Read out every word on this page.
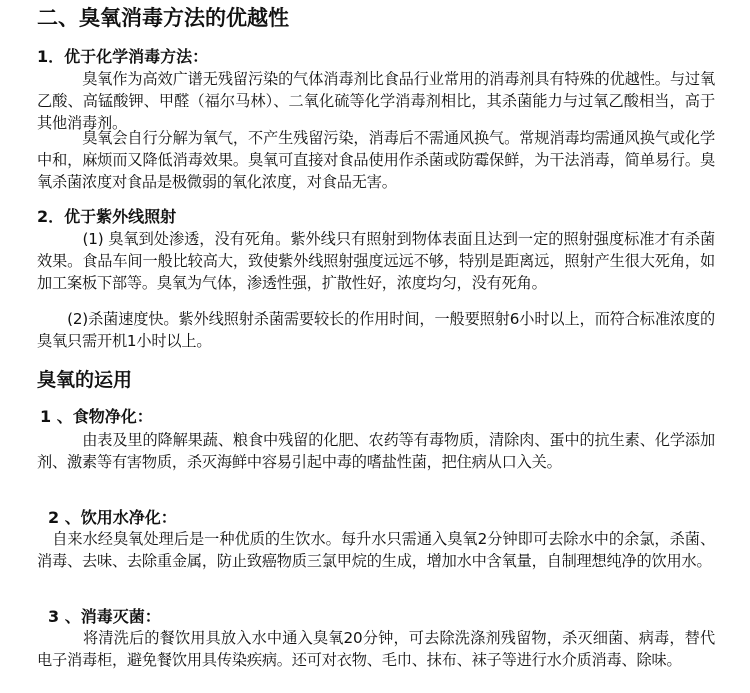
二、臭氧消毒方法的优越性
1．优于化学消毒方法：
　　　臭氧作为高效广谱无残留污染的气体消毒剂比食品行业常用的消毒剂具有特殊的优越性。与过氧乙酸、高锰酸钾、甲醛（福尔马林）、二氧化硫等化学消毒剂相比，其杀菌能力与过氧乙酸相当，高于其他消毒剂。
　　　臭氧会自行分解为氧气，不产生残留污染，消毒后不需通风换气。常规消毒均需通风换气或化学中和，麻烦而又降低消毒效果。臭氧可直接对食品使用作杀菌或防霉保鲜，为干法消毒，简单易行。臭氧杀菌浓度对食品是极微弱的氧化浓度，对食品无害。
2．优于紫外线照射
　　　(1) 臭氧到处渗透，没有死角。紫外线只有照射到物体表面且达到一定的照射强度标准才有杀菌效果。食品车间一般比较高大，致使紫外线照射强度远远不够，特别是距离远，照射产生很大死角，如加工案板下部等。臭氧为气体，渗透性强，扩散性好，浓度均匀，没有死角。
　　(2)杀菌速度快。紫外线照射杀菌需要较长的作用时间，一般要照射6小时以上，而符合标准浓度的臭氧只需开机1小时以上。
臭氧的运用
1 、食物净化：
　　　由表及里的降解果蔬、粮食中残留的化肥、农药等有毒物质，清除肉、蛋中的抗生素、化学添加剂、激素等有害物质，杀灭海鲜中容易引起中毒的嗜盐性菌，把住病从口入关。
2 、饮用水净化：
　自来水经臭氧处理后是一种优质的生饮水。每升水只需通入臭氧2分钟即可去除水中的余氯，杀菌、消毒、去味、去除重金属，防止致癌物质三氯甲烷的生成，增加水中含氧量，自制理想纯净的饮用水。
3 、消毒灭菌：
　　　将清洗后的餐饮用具放入水中通入臭氧20分钟，可去除洗涤剂残留物，杀灭细菌、病毒，替代电子消毒柜，避免餐饮用具传染疾病。还可对衣物、毛巾、抹布、袜子等进行水介质消毒、除味。
